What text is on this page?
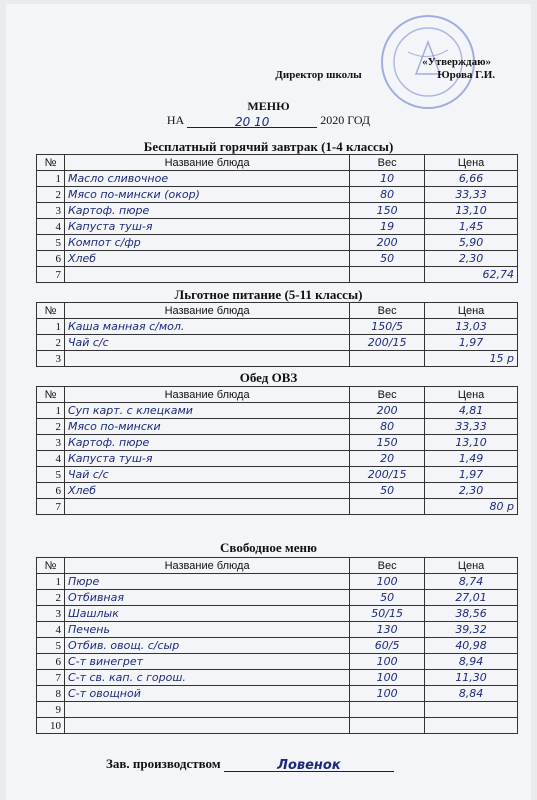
«Утверждаю»
Директор школы	Юрова Г.И.
МЕНЮ
НА	20 10	2020 ГОД
Бесплатный горячий завтрак (1-4 классы)
№	Название блюда	Вес	Цена
1	Масло сливочное	10	6,66
2	Мясо по-мински (окор)	80	33,33
3	Картоф. пюре	150	13,10
4	Капуста туш-я	19	1,45
5	Компот с/фр	200	5,90
6	Хлеб	50	2,30
7			62,74
Льготное питание (5-11 классы)
№	Название блюда	Вес	Цена
1	Каша манная с/мол.	150/5	13,03
2	Чай с/с	200/15	1,97
3			15 р
Обед ОВЗ
№	Название блюда	Вес	Цена
1	Суп карт. с клецками	200	4,81
2	Мясо по-мински	80	33,33
3	Картоф. пюре	150	13,10
4	Капуста туш-я	20	1,49
5	Чай с/с	200/15	1,97
6	Хлеб	50	2,30
7			80 р
Свободное меню
№	Название блюда	Вес	Цена
1	Пюре	100	8,74
2	Отбивная	50	27,01
3	Шашлык	50/15	38,56
4	Печень	130	39,32
5	Отбив. овощ. с/сыр	60/5	40,98
6	С-т винегрет	100	8,94
7	С-т св. кап. с горош.	100	11,30
8	С-т овощной	100	8,84
9			
10			
Зав. производством	Ловенок
